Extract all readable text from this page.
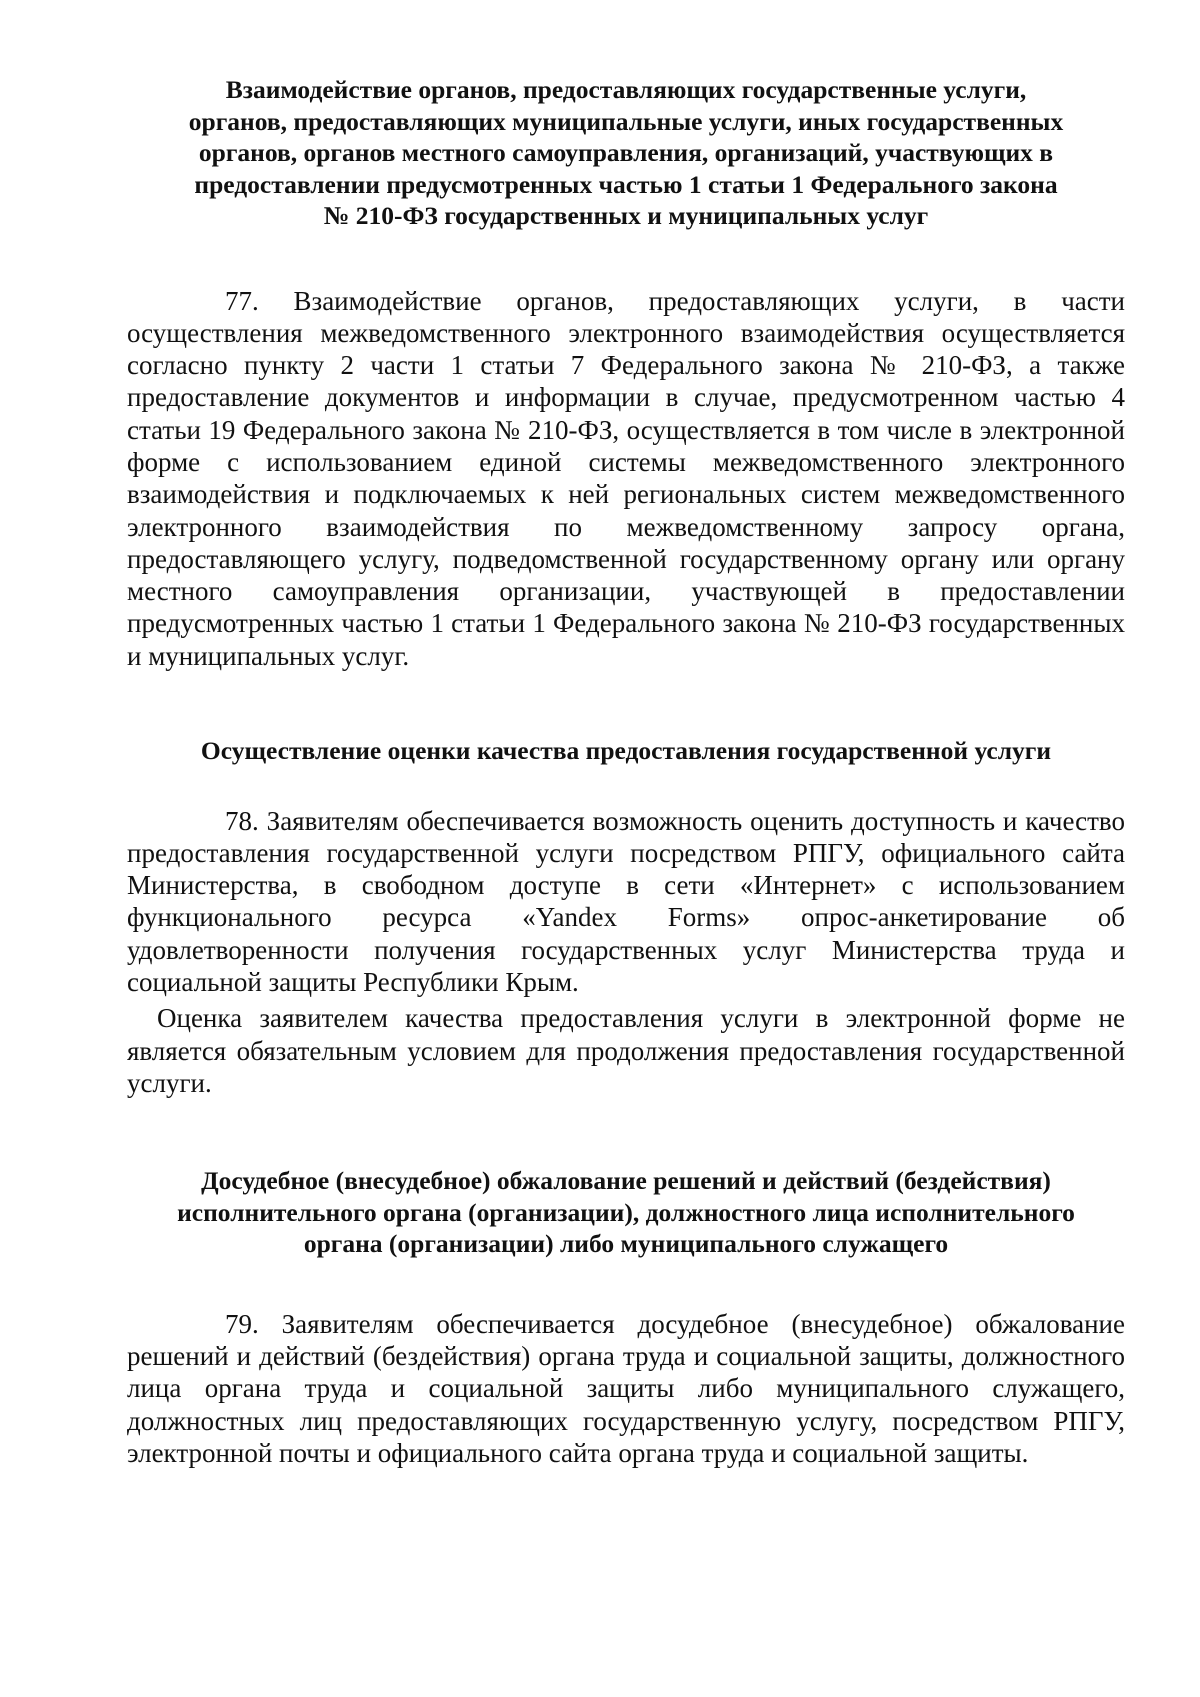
Взаимодействие органов, предоставляющих государственные услуги,
органов, предоставляющих муниципальные услуги, иных государственных
органов, органов местного самоуправления, организаций, участвующих в
предоставлении предусмотренных частью 1 статьи 1 Федерального закона
№ 210-ФЗ государственных и муниципальных услуг

77. Взаимодействие органов, предоставляющих услуги, в части осуществления межведомственного электронного взаимодействия осуществляется согласно пункту 2 части 1 статьи 7 Федерального закона № 210-ФЗ, а также предоставление документов и информации в случае, предусмотренном частью 4 статьи 19 Федерального закона № 210-ФЗ, осуществляется в том числе в электронной форме с использованием единой системы межведомственного электронного взаимодействия и подключаемых к ней региональных систем межведомственного электронного взаимодействия по межведомственному запросу органа, предоставляющего услугу, подведомственной государственному органу или органу местного самоуправления организации, участвующей в предоставлении предусмотренных частью 1 статьи 1 Федерального закона № 210-ФЗ государственных и муниципальных услуг.

Осуществление оценки качества предоставления государственной услуги

78. Заявителям обеспечивается возможность оценить доступность и качество предоставления государственной услуги посредством РПГУ, официального сайта Министерства, в свободном доступе в сети «Интернет» с использованием функционального ресурса «Yandex Forms» опрос-анкетирование об удовлетворенности получения государственных услуг Министерства труда и социальной защиты Республики Крым.

Оценка заявителем качества предоставления услуги в электронной форме не является обязательным условием для продолжения предоставления государственной услуги.

Досудебное (внесудебное) обжалование решений и действий (бездействия)
исполнительного органа (организации), должностного лица исполнительного
органа (организации) либо муниципального служащего

79. Заявителям обеспечивается досудебное (внесудебное) обжалование решений и действий (бездействия) органа труда и социальной защиты, должностного лица органа труда и социальной защиты либо муниципального служащего, должностных лиц предоставляющих государственную услугу, посредством РПГУ, электронной почты и официального сайта органа труда и социальной защиты.
